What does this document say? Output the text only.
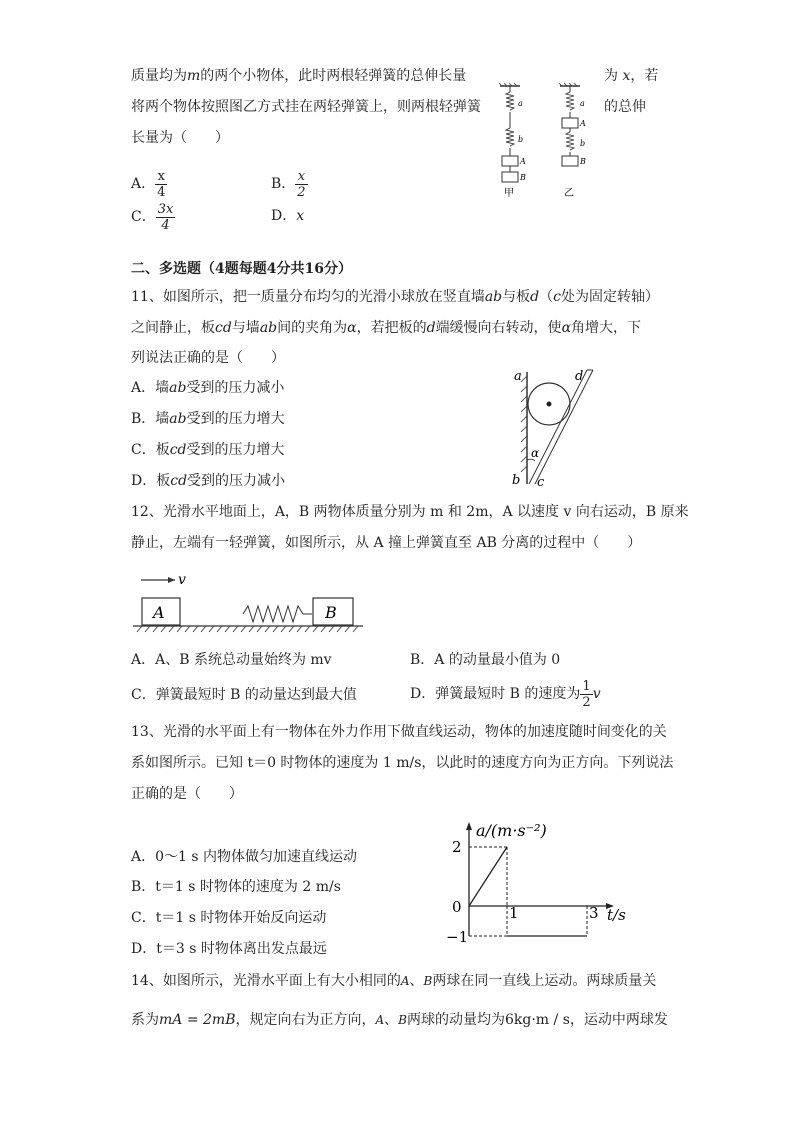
质量均为m的两个小物体，此时两根轻弹簧的总伸长量	为 x，若
将两个物体按照图乙方式挂在两轻弹簧上，则两根轻弹簧	的总伸
长量为（　　）
A． $\frac{x}{4}$	B． $\frac{x}{2}$
C． $\frac{3x}{4}$	D．x
a
b
A
B
甲
a
A
b
B
乙
二、多选题（4题每题4分共16分）
11、如图所示，把一质量分布均匀的光滑小球放在竖直墙ab与板d（c处为固定转轴）
之间静止，板cd与墙ab间的夹角为α，若把板的d端缓慢向右转动，使α角增大，下
列说法正确的是（　　）
A．墙ab受到的压力减小
B．墙ab受到的压力增大
C．板cd受到的压力增大
D．板cd受到的压力减小
a	d
α
b c
12、光滑水平地面上，A，B 两物体质量分别为 m 和 2m，A 以速度 v 向右运动，B 原来
静止，左端有一轻弹簧，如图所示，从 A 撞上弹簧直至 AB 分离的过程中（　　）
v
A	B
A．A、B 系统总动量始终为 mv	B．A 的动量最小值为 0
C．弹簧最短时 B 的动量达到最大值	D．弹簧最短时 B 的速度为 $\frac{1}{2}$ v
13、光滑的水平面上有一物体在外力作用下做直线运动，物体的加速度随时间变化的关
系如图所示。已知 t＝0 时物体的速度为 1 m/s，以此时的速度方向为正方向。下列说法
正确的是（　　）
A．0～1 s 内物体做匀加速直线运动
B．t＝1 s 时物体的速度为 2 m/s
C．t＝1 s 时物体开始反向运动
D．t＝3 s 时物体离出发点最远
a/(m·s⁻²)
2
0
−1
1	3 t/s
14、如图所示，光滑水平面上有大小相同的A、B两球在同一直线上运动。两球质量关
系为mA = 2mB，规定向右为正方向，A、B两球的动量均为6kg·m / s，运动中两球发
